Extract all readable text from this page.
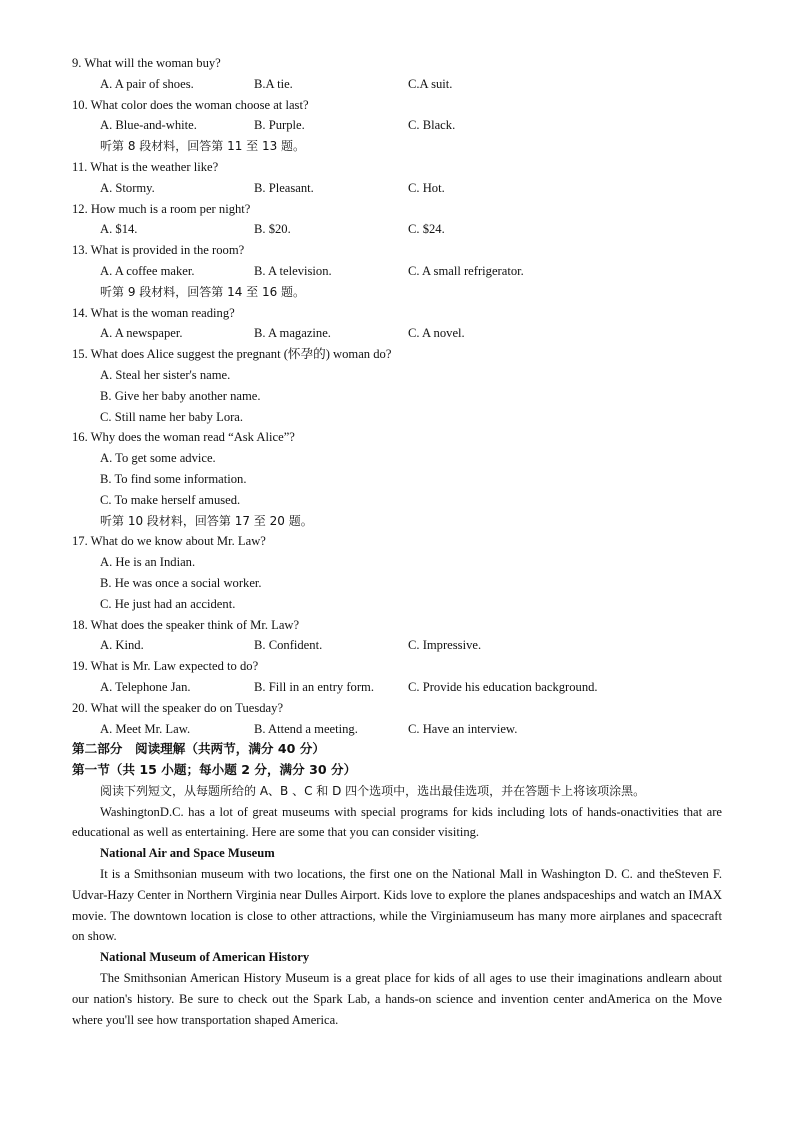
9. What will the woman buy?
A. A pair of shoes.	B.A tie.	C.A suit.
10. What color does the woman choose at last?
A. Blue-and-white.	B. Purple.	C. Black.
听第 8 段材料，回答第 11 至 13 题。
11. What is the weather like?
A. Stormy.	B. Pleasant.	C. Hot.
12. How much is a room per night?
A. $14.	B. $20.	C. $24.
13. What is provided in the room?
A. A coffee maker.	B. A television.	C. A small refrigerator.
听第 9 段材料，回答第 14 至 16 题。
14. What is the woman reading?
A. A newspaper.	B. A magazine.	C. A novel.
15. What does Alice suggest the pregnant (怀孕的) woman do?
A. Steal her sister's name.
B. Give her baby another name.
C. Still name her baby Lora.
16. Why does the woman read “Ask Alice”?
A. To get some advice.
B. To find some information.
C. To make herself amused.
听第 10 段材料，回答第 17 至 20 题。
17. What do we know about Mr. Law?
A. He is an Indian.
B. He was once a social worker.
C. He just had an accident.
18. What does the speaker think of Mr. Law?
A. Kind.	B. Confident.	C. Impressive.
19. What is Mr. Law expected to do?
A. Telephone Jan.	B. Fill in an entry form.	C. Provide his education background.
20. What will the speaker do on Tuesday?
A. Meet Mr. Law.	B. Attend a meeting.	C. Have an interview.
第二部分　阅读理解（共两节，满分 40 分）
第一节（共 15 小题；每小题 2 分，满分 30 分）
阅读下列短文，从每题所给的 A、B 、C 和 D 四个选项中，选出最佳选项，并在答题卡上将该项涂黑。

WashingtonD.C. has a lot of great museums with special programs for kids including lots of hands-onactivities that are educational as well as entertaining. Here are some that you can consider visiting.

National Air and Space Museum

It is a Smithsonian museum with two locations, the first one on the National Mall in Washington D. C. and theSteven F. Udvar-Hazy Center in Northern Virginia near Dulles Airport. Kids love to explore the planes andspaceships and watch an IMAX movie. The downtown location is close to other attractions, while the Virginiamuseum has many more airplanes and spacecraft on show.

National Museum of American History

The Smithsonian American History Museum is a great place for kids of all ages to use their imaginations andlearn about our nation's history. Be sure to check out the Spark Lab, a hands-on science and invention center andAmerica on the Move where you'll see how transportation shaped America.
